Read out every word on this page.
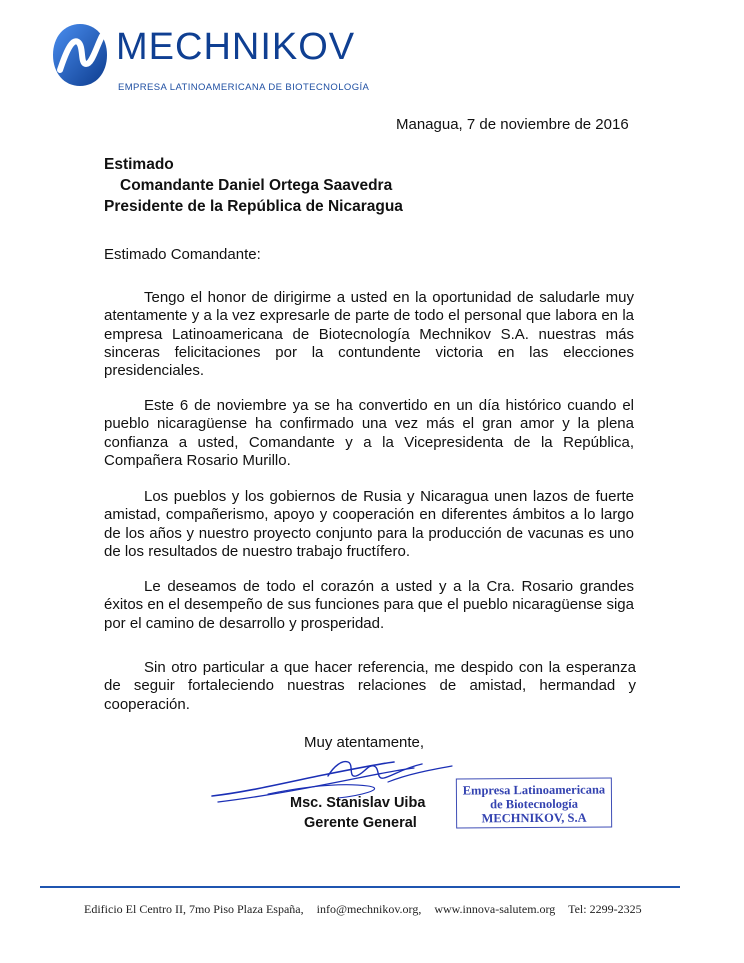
MECHNIKOV
EMPRESA LATINOAMERICANA DE BIOTECNOLOGÍA
Managua, 7 de noviembre de 2016
Estimado
Comandante Daniel Ortega Saavedra
Presidente de la República de Nicaragua
Estimado Comandante:

Tengo el honor de dirigirme a usted en la oportunidad de saludarle muy atentamente y a la vez expresarle de parte de todo el personal que labora en la empresa Latinoamericana de Biotecnología Mechnikov S.A. nuestras más sinceras felicitaciones por la contundente victoria en las elecciones presidenciales.

Este 6 de noviembre ya se ha convertido en un día histórico cuando el pueblo nicaragüense ha confirmado una vez más el gran amor y la plena confianza a usted, Comandante y a la Vicepresidenta de la República, Compañera Rosario Murillo.

Los pueblos y los gobiernos de Rusia y Nicaragua unen lazos de fuerte amistad, compañerismo, apoyo y cooperación en diferentes ámbitos a lo largo de los años y nuestro proyecto conjunto para la producción de vacunas es uno de los resultados de nuestro trabajo fructífero.

Le deseamos de todo el corazón a usted y a la Cra. Rosario grandes éxitos en el desempeño de sus funciones para que el pueblo nicaragüense siga por el camino de desarrollo y prosperidad.

Sin otro particular a que hacer referencia, me despido con la esperanza de seguir fortaleciendo nuestras relaciones de amistad, hermandad y cooperación.

Muy atentamente,
Msc. Stanislav Uiba
Gerente General
Empresa Latinoamericana
de Biotecnología
MECHNIKOV, S.A
Edificio El Centro II, 7mo Piso Plaza España, info@mechnikov.org, www.innova-salutem.org Tel: 2299-2325
